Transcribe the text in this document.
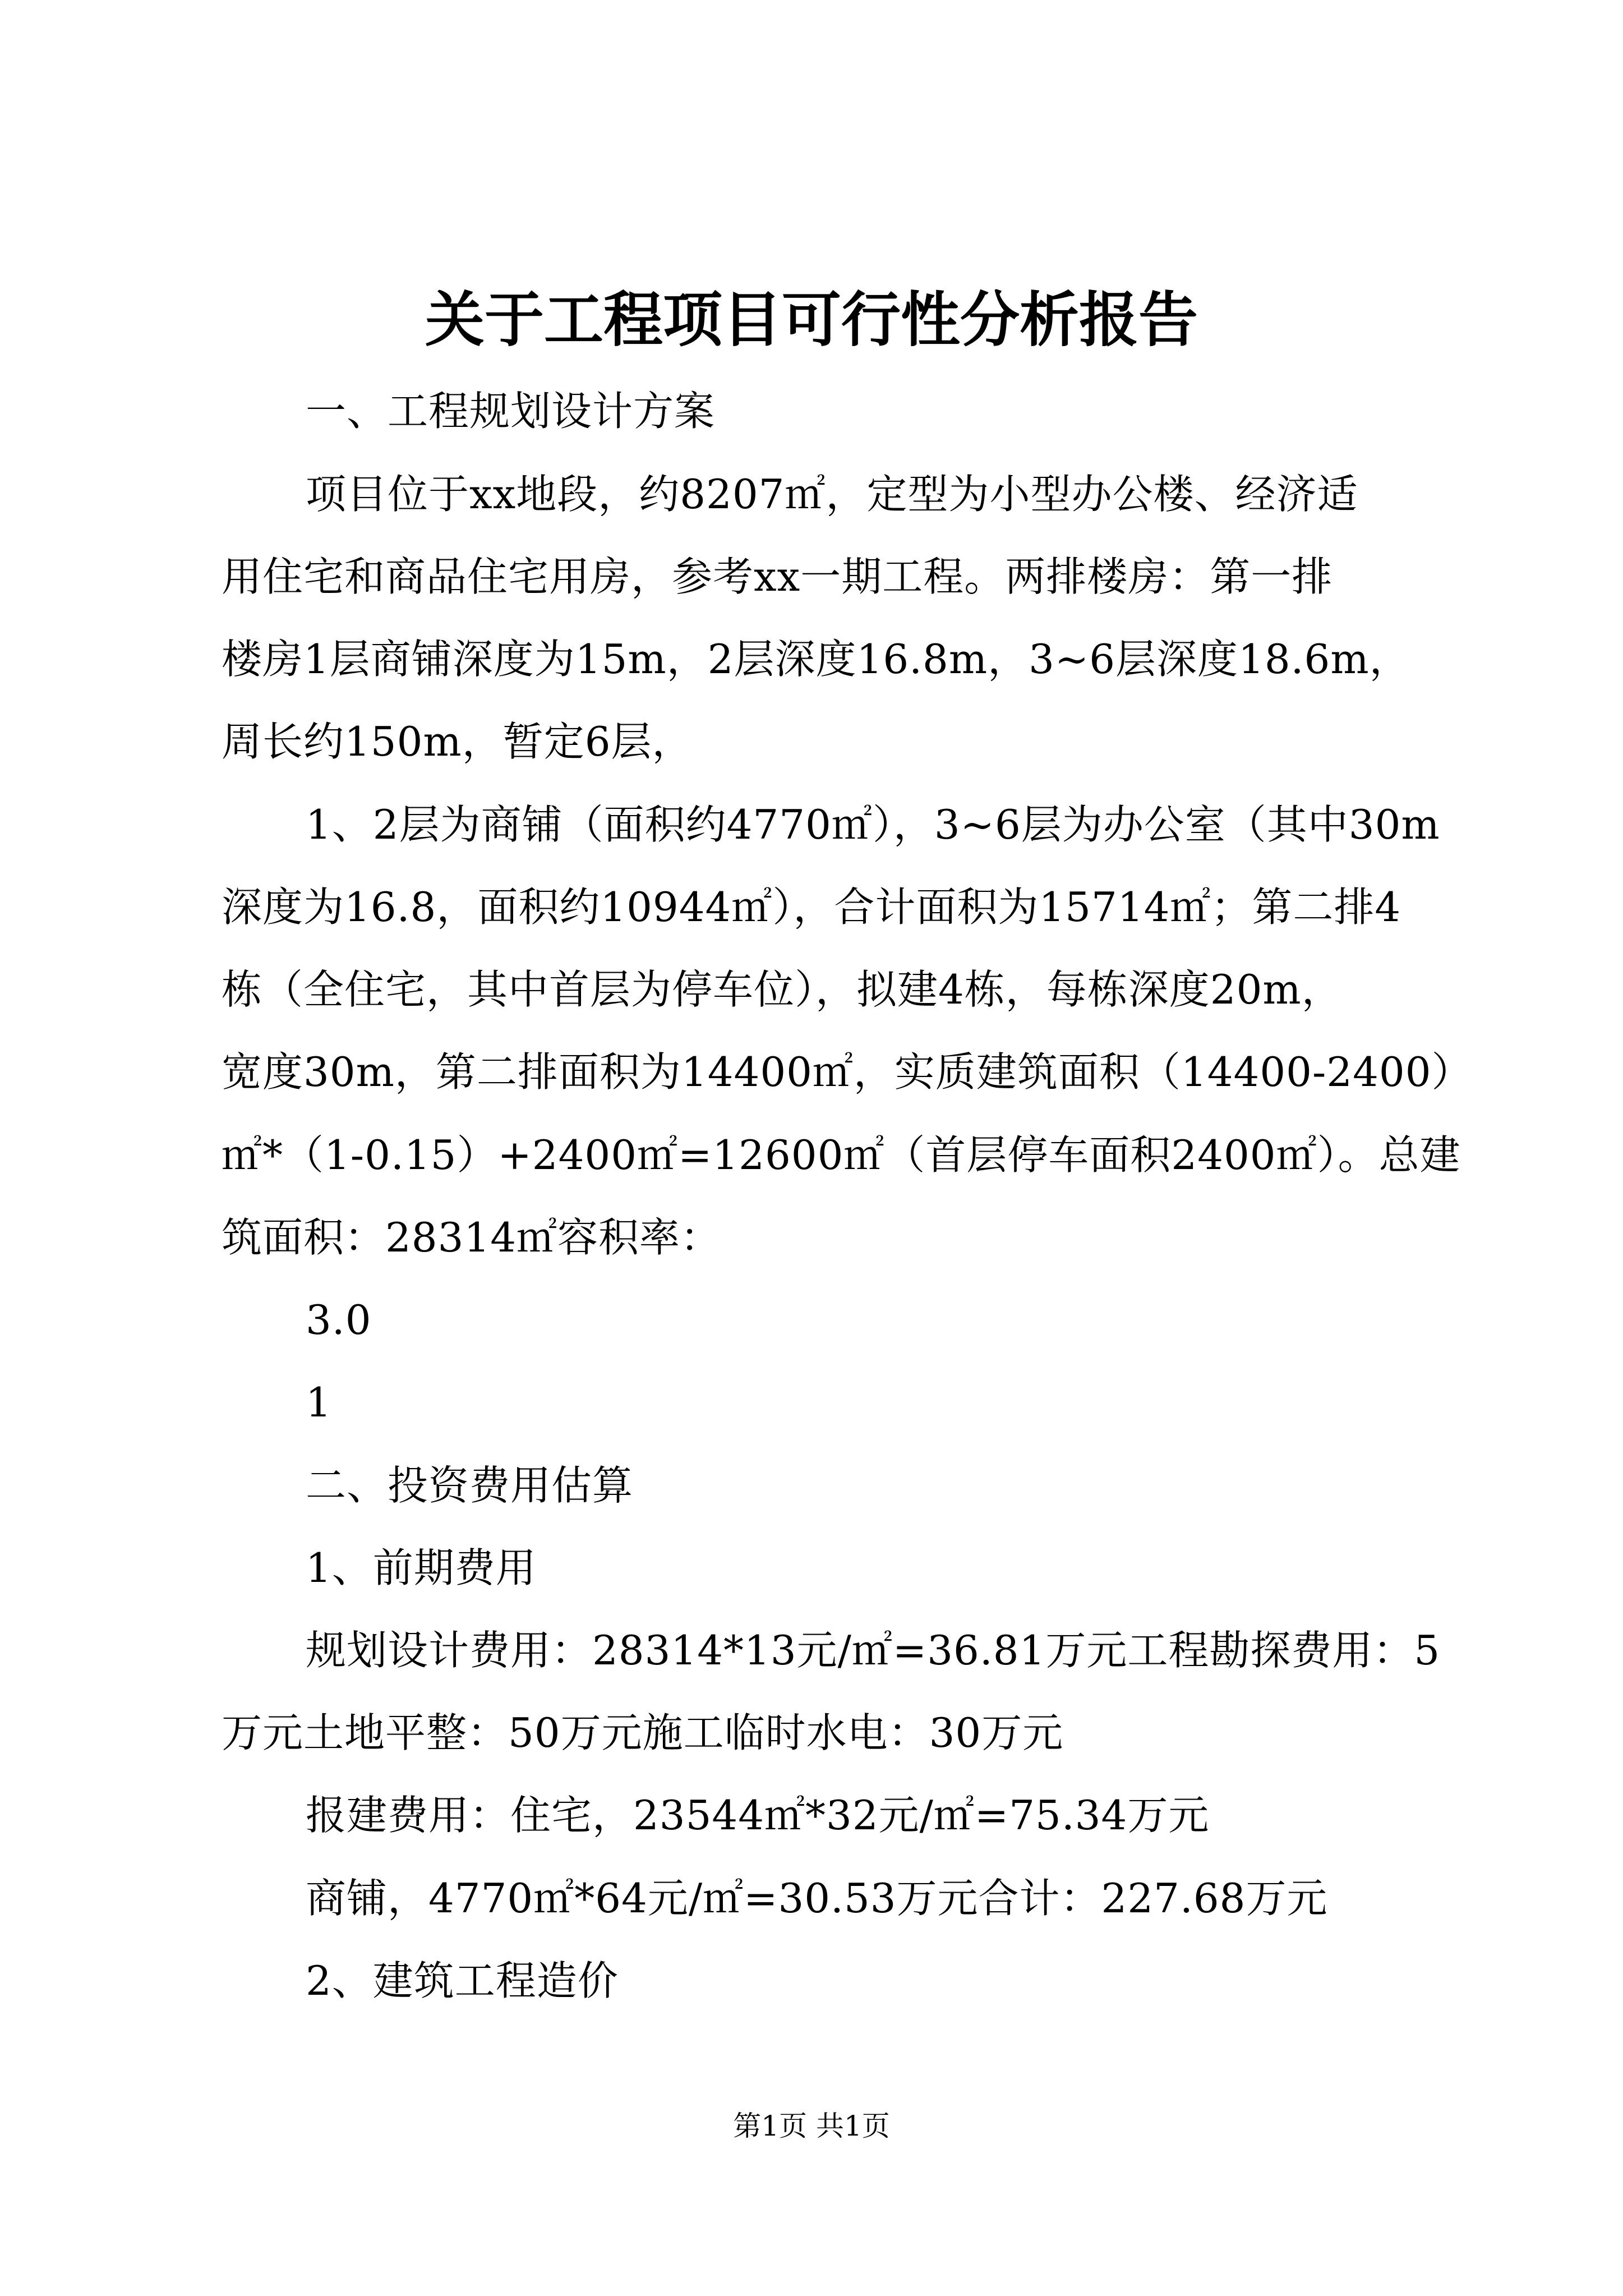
关于工程项目可行性分析报告
一、工程规划设计方案
项目位于xx地段，约8207㎡，定型为小型办公楼、经济适
用住宅和商品住宅用房，参考xx一期工程。两排楼房：第一排
楼房1层商铺深度为15m，2层深度16.8m，3~6层深度18.6m，
周长约150m，暂定6层，
1、2层为商铺（面积约4770㎡），3~6层为办公室（其中30m
深度为16.8，面积约10944㎡），合计面积为15714㎡；第二排4
栋（全住宅，其中首层为停车位），拟建4栋，每栋深度20m，
宽度30m，第二排面积为14400㎡，实质建筑面积（14400-2400）
㎡*（1-0.15）+2400㎡=12600㎡（首层停车面积2400㎡）。总建
筑面积：28314㎡容积率：
3.0
1
二、投资费用估算
1、前期费用
规划设计费用：28314*13元/㎡=36.81万元工程勘探费用：5
万元土地平整：50万元施工临时水电：30万元
报建费用：住宅，23544㎡*32元/㎡=75.34万元
商铺，4770㎡*64元/㎡=30.53万元合计：227.68万元
2、建筑工程造价
第1页 共1页
